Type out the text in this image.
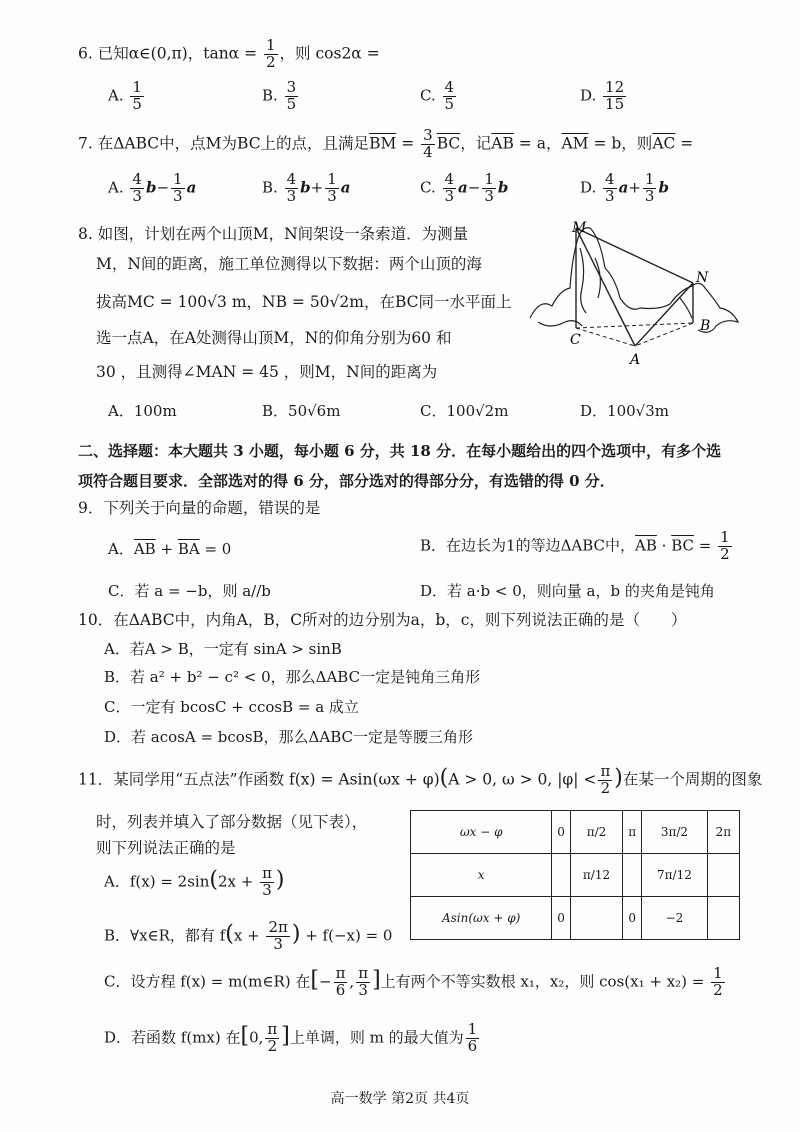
6. 已知α∈(0,π)，$\tan\alpha = \frac{1}{2}$ ，则 cos2α =
A. $\frac{1}{5}$	B. $\frac{3}{5}$	C. $\frac{4}{5}$	D. $\frac{12}{15}$
7. 在ΔABC中，点M为BC上的点，且满足$\overline{BM} = \frac{3}{4} \overline{BC}$，记$\overline{AB} = a$，$\overline{AM} = b$，则$\overline{AC}$ =
A. $\frac{4}{3} b- \frac{1}{3}$ a	B. $\frac{4}{3} b+ \frac{1}{3}$ a	C. $\frac{4}{3} a- \frac{1}{3}$ b	D. $\frac{4}{3} a+ \frac{1}{3}$ b
8. 如图，计划在两个山顶M，N间架设一条索道．为测量
M，N间的距离，施工单位测得以下数据：两个山顶的海
拔高MC = 100√3 m，NB = 50√2m，在BC同一水平面上
选一点A，在A处测得山顶M，N的仰角分别为60 和
30 ，且测得∠MAN = 45 ，则M，N间的距离为
M
N
C
B
A
A．100m	B．50√6m	C．100√2m	D．100√3m
二、选择题：本大题共 3 小题，每小题 6 分，共 18 分．在每小题给出的四个选项中，有多个选
项符合题目要求．全部选对的得 6 分，部分选对的得部分分，有选错的得 0 分．
9．下列关于向量的命题，错误的是
A．$\overline{AB} + \overline{BA} = 0$	B．在边长为1的等边ΔABC中，$\overline{AB} \cdot \overline{BC} = \frac{1}{2}$
C．若 a = −b，则 a//b	D．若 a·b < 0，则向量 a，b 的夹角是钝角
10．在ΔABC中，内角A，B，C所对的边分别为a，b，c，则下列说法正确的是（　　）
A．若A > B，一定有 sinA > sinB
B．若 a² + b² − c² < 0，那么ΔABC一定是钝角三角形
C．一定有 bcosC + ccosB = a 成立
D．若 acosA = bcosB，那么ΔABC一定是等腰三角形
11．某同学用“五点法”作函数 f(x) = Asin(ωx + φ)(A > 0, ω > 0, $|\varphi| < \frac{\pi}{2}$ )在某一个周期的图象
时，列表并填入了部分数据（见下表），
则下列说法正确的是
ωx − φ	0	π/2	π	3π/2	2π
x		π/12		7π/12	
Asin(ωx + φ)	0		0	−2	
A．$f(x) = 2\sin(2x + \frac{\pi}{3}$ )
B．∀x∈R，都有 $f(x + \frac{2\pi}{3}$ ) + f(−x) = 0
C．设方程 f(x) = m(m∈R) 在[− $\frac{\pi}{6}$ , $\frac{\pi}{3}$ ]上有两个不等实数根 x₁，x₂，则 $\cos(x_1 + x_2) = \frac{1}{2}$
D．若函数 f(mx) 在[0, $\frac{\pi}{2}$ ]上单调，则 m 的最大值为 $\frac{1}{6}$
高一数学 第2页 共4页
